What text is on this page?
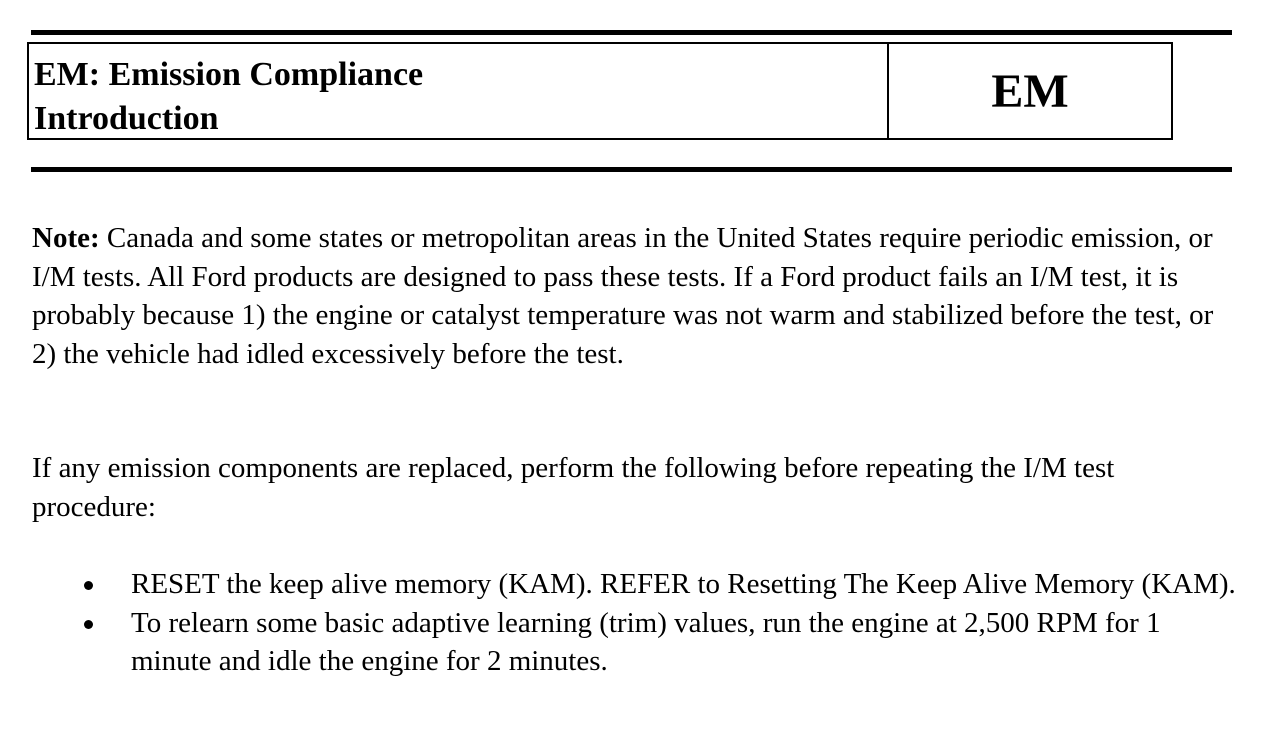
EM: Emission Compliance
Introduction
EM

Note: Canada and some states or metropolitan areas in the United States require periodic emission, or I/M tests. All Ford products are designed to pass these tests. If a Ford product fails an I/M test, it is probably because 1) the engine or catalyst temperature was not warm and stabilized before the test, or 2) the vehicle had idled excessively before the test.

If any emission components are replaced, perform the following before repeating the I/M test procedure:

RESET the keep alive memory (KAM). REFER to Resetting The Keep Alive Memory (KAM).
To relearn some basic adaptive learning (trim) values, run the engine at 2,500 RPM for 1 minute and idle the engine for 2 minutes.
